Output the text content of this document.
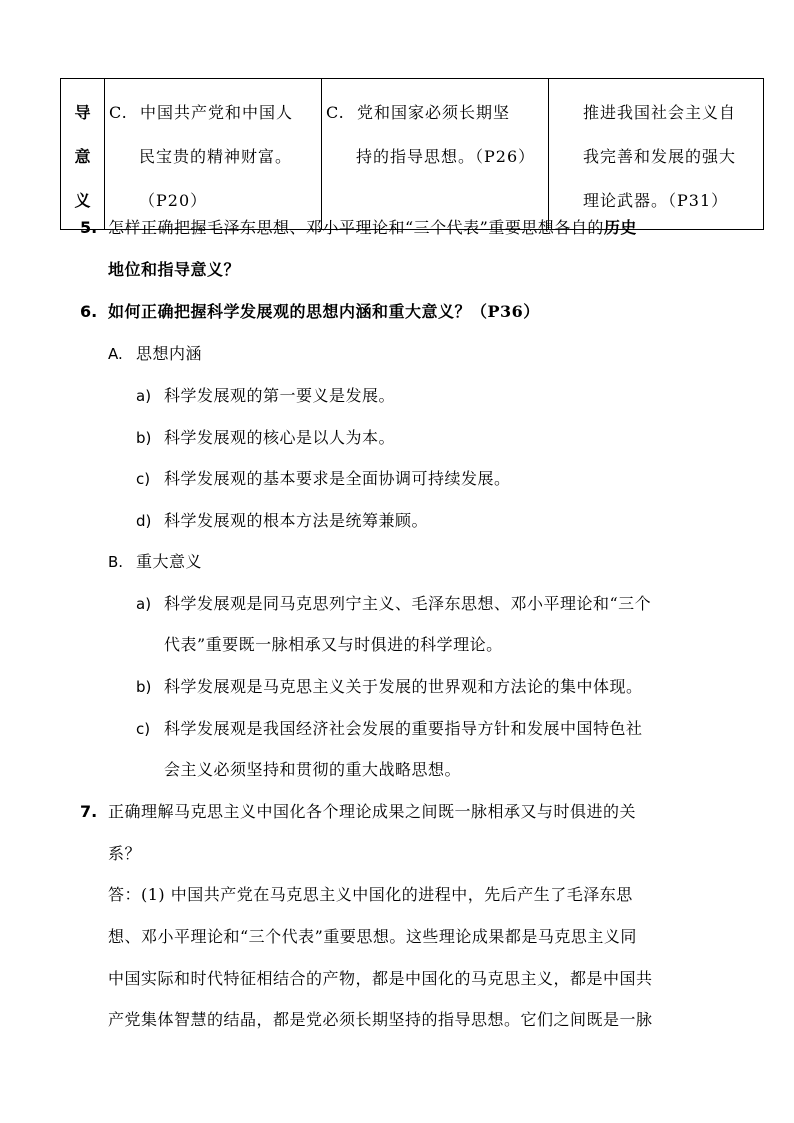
导
意
义

C. 中国共产党和中国人
民宝贵的精神财富。
（P20）

C. 党和国家必须长期坚
持的指导思想。（P26）

推进我国社会主义自
我完善和发展的强大
理论武器。（P31）

5. 怎样正确把握毛泽东思想、邓小平理论和“三个代表”重要思想各自的历史
地位和指导意义？
6. 如何正确把握科学发展观的思想内涵和重大意义？（P36）
A. 思想内涵
a) 科学发展观的第一要义是发展。
b) 科学发展观的核心是以人为本。
c) 科学发展观的基本要求是全面协调可持续发展。
d) 科学发展观的根本方法是统筹兼顾。
B. 重大意义
a) 科学发展观是同马克思列宁主义、毛泽东思想、邓小平理论和“三个
代表”重要既一脉相承又与时俱进的科学理论。
b) 科学发展观是马克思主义关于发展的世界观和方法论的集中体现。
c) 科学发展观是我国经济社会发展的重要指导方针和发展中国特色社
会主义必须坚持和贯彻的重大战略思想。
7. 正确理解马克思主义中国化各个理论成果之间既一脉相承又与时俱进的关
系？
答：(1) 中国共产党在马克思主义中国化的进程中，先后产生了毛泽东思
想、邓小平理论和“三个代表”重要思想。这些理论成果都是马克思主义同
中国实际和时代特征相结合的产物，都是中国化的马克思主义，都是中国共
产党集体智慧的结晶，都是党必须长期坚持的指导思想。它们之间既是一脉
